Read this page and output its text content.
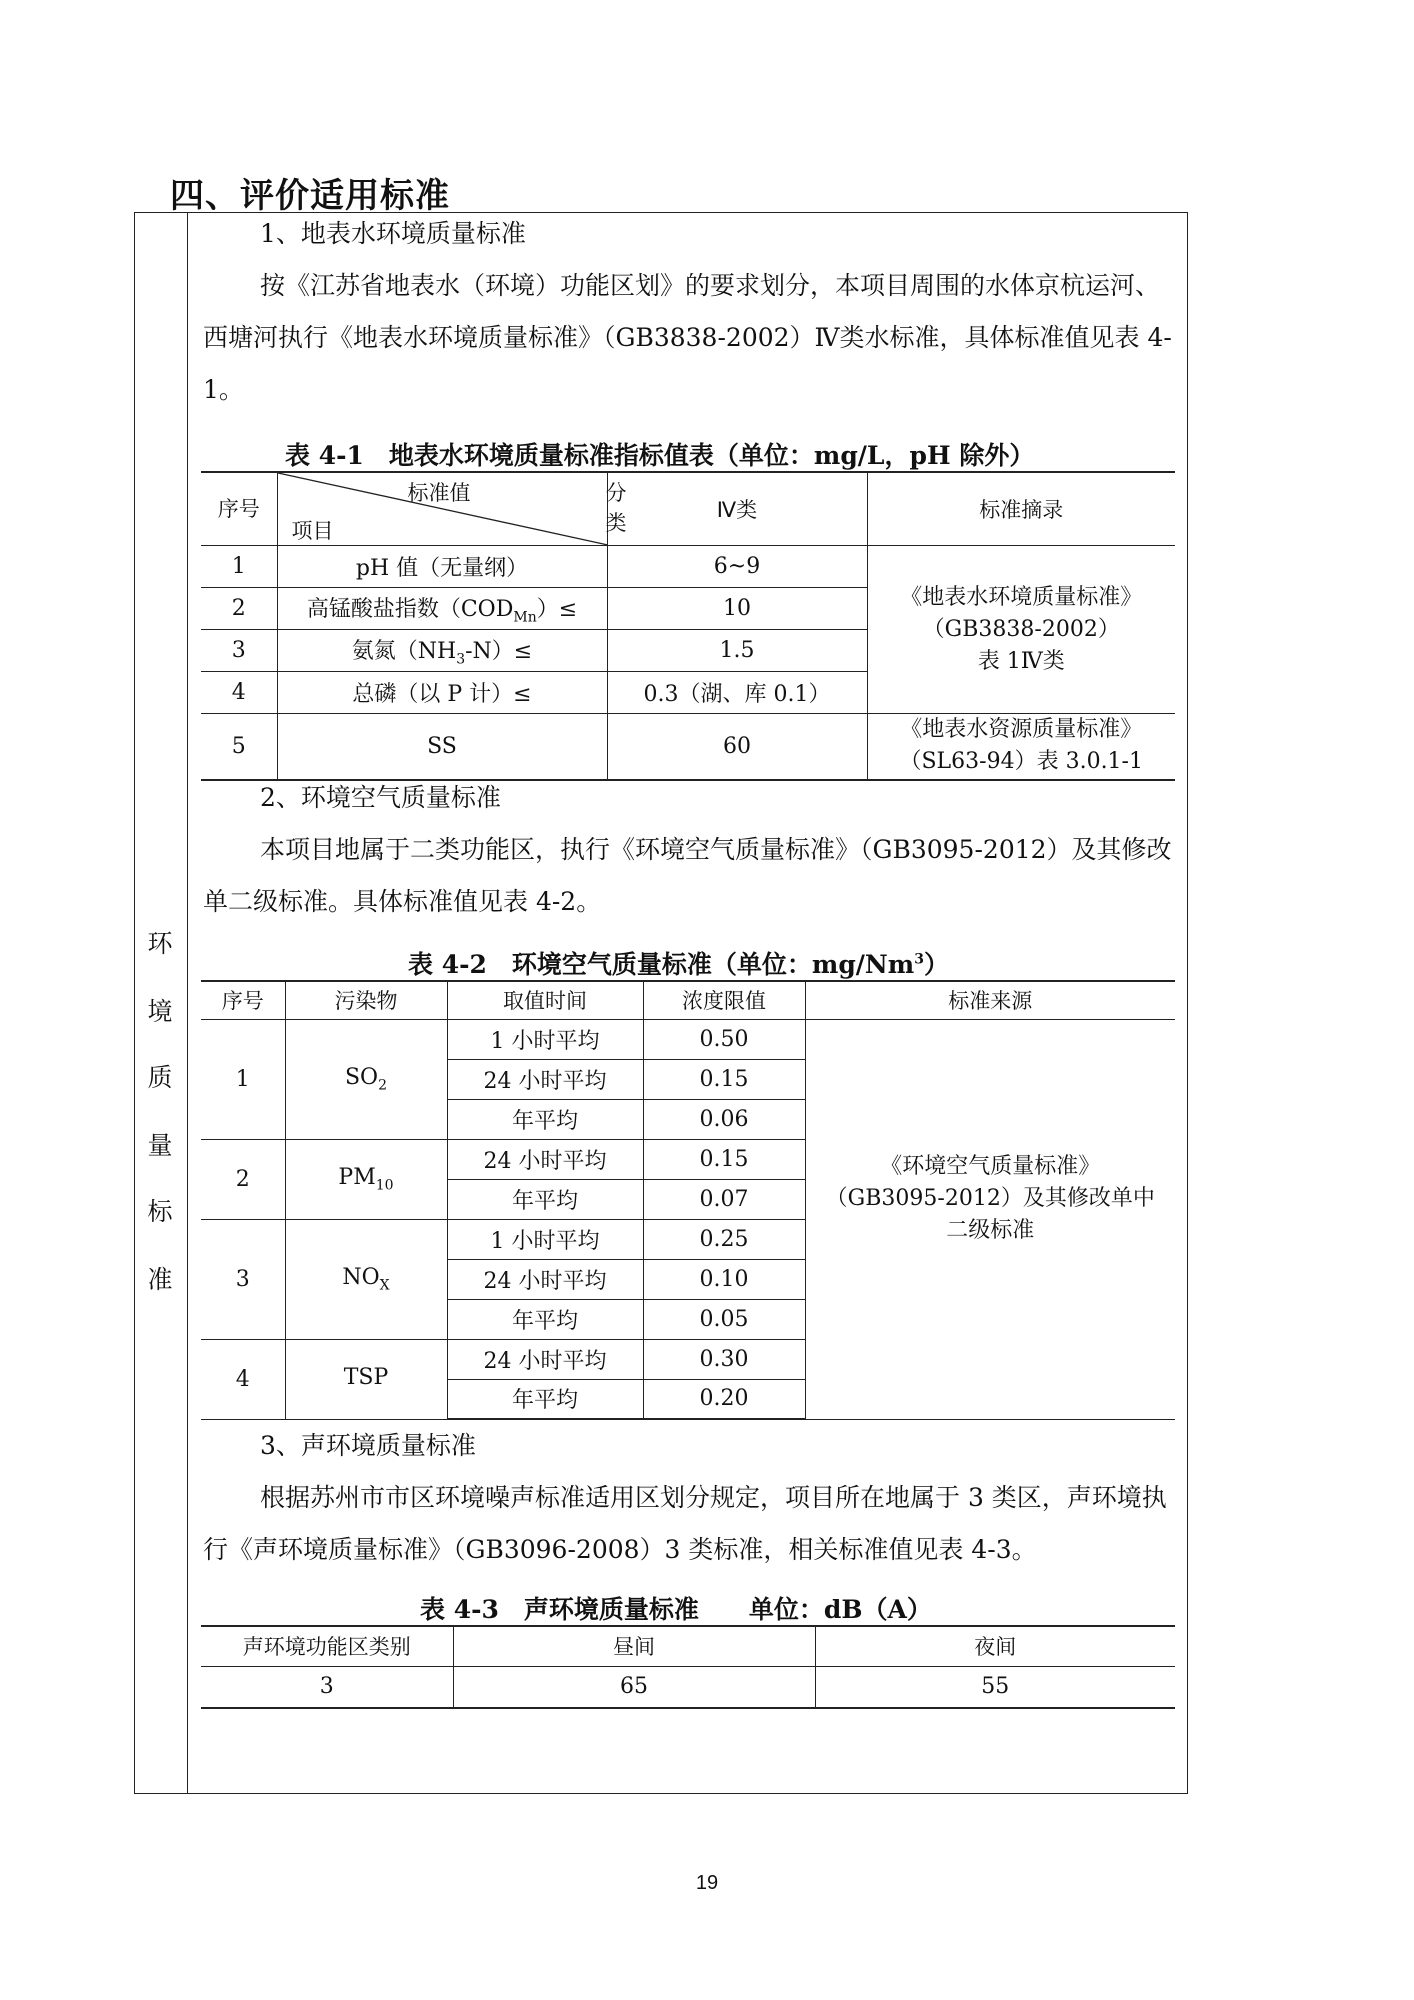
四、评价适用标准
环
境
质
量
标
准
1、地表水环境质量标准
按《江苏省地表水（环境）功能区划》的要求划分，本项目周围的水体京杭运河、西塘河执行《地表水环境质量标准》（GB3838-2002）Ⅳ类水标准，具体标准值见表 4-1。
表 4-1　地表水环境质量标准指标值表（单位：mg/L，pH 除外）
序号	标准值 分类
项目	Ⅳ类	标准摘录
1	pH 值（无量纲）	6~9	《地表水环境质量标准》
（GB3838-2002）
表 1Ⅳ类

2	高锰酸盐指数$(COD_{Mn})\le$	10	
3	氨氮$(NH_3-N)\le$	1.5	
4	总磷（以 P 计）≤	0.3（湖、库 0.1）	
5	SS	60	《地表水资源质量标准》
（SL63-94）表 3.0.1-1
2、环境空气质量标准
本项目地属于二类功能区，执行《环境空气质量标准》（GB3095-2012）及其修改单二级标准。具体标准值见表 4-2。
表 4-2　环境空气质量标准（单位：mg/Nm$^3$）
序号	污染物	取值时间	浓度限值	标准来源
1	$SO_2$	1 小时平均	0.50	《环境空气质量标准》
（GB3095-2012）及其修改单中
二级标准

		24 小时平均	0.15	
		年平均	0.06	
2	$PM_{10}$	24 小时平均	0.15	
		年平均	0.07	
3	$NO_X$	1 小时平均	0.25	
		24 小时平均	0.10	
		年平均	0.05	
4	TSP	24 小时平均	0.30	
		年平均	0.20	
3、声环境质量标准
根据苏州市市区环境噪声标准适用区划分规定，项目所在地属于 3 类区，声环境执行《声环境质量标准》（GB3096-2008）3 类标准，相关标准值见表 4-3。
表 4-3　声环境质量标准　　单位：dB（A）
声环境功能区类别	昼间	夜间
3	65	55
19
